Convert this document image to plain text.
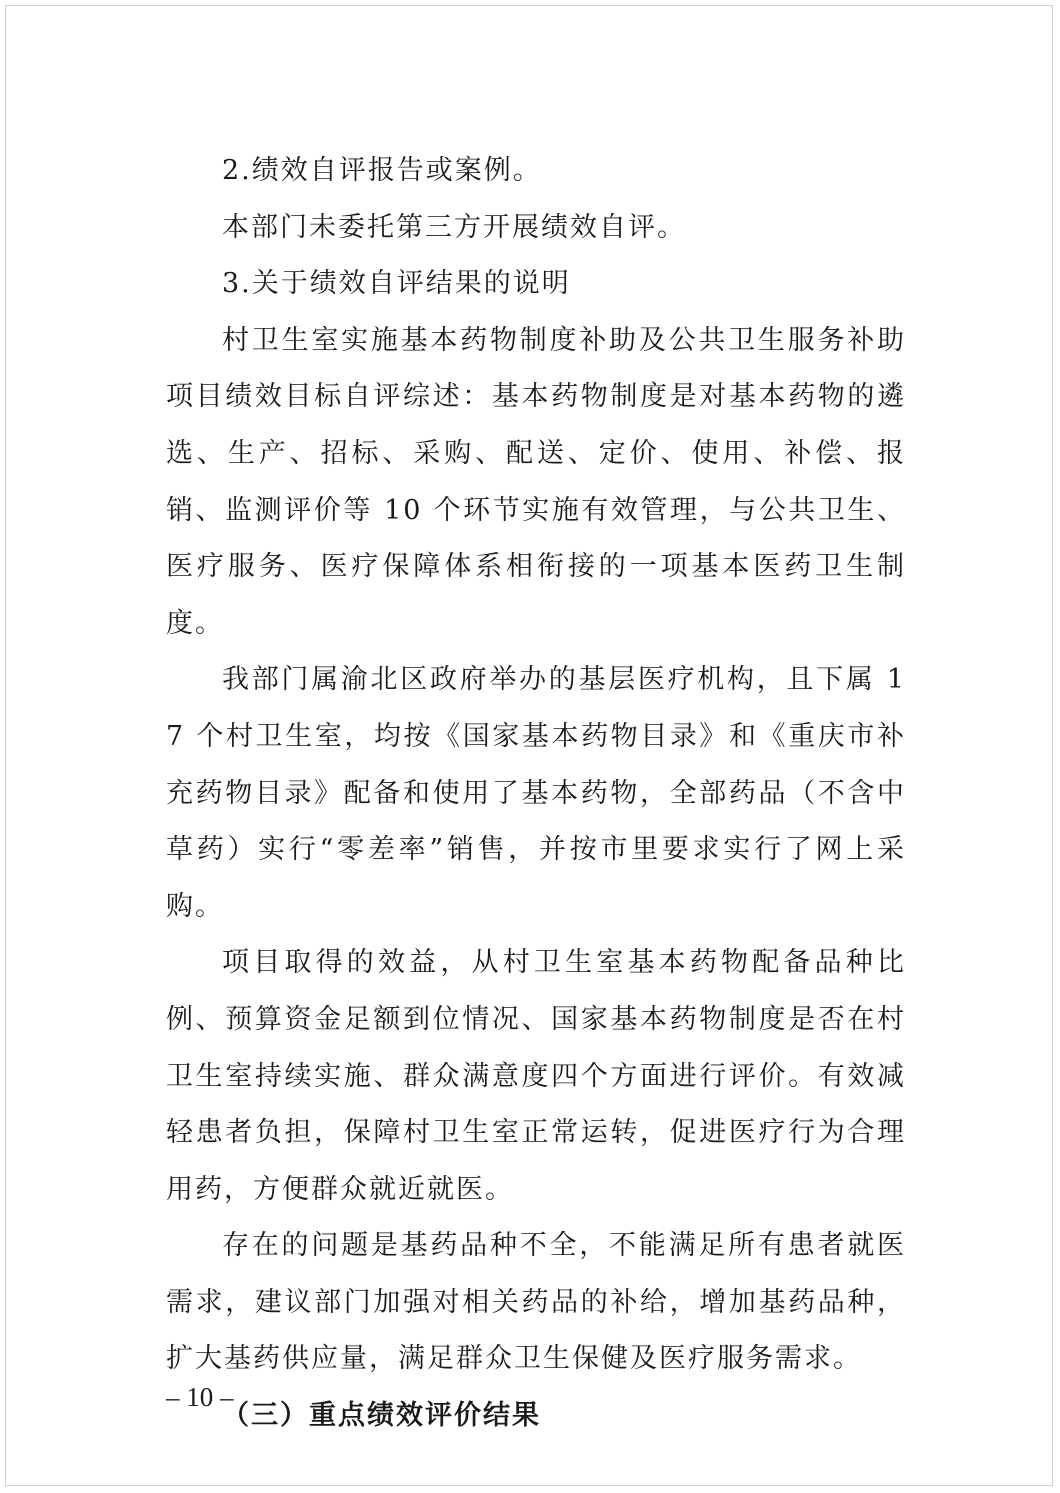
2.绩效自评报告或案例。

本部门未委托第三方开展绩效自评。

3.关于绩效自评结果的说明

村卫生室实施基本药物制度补助及公共卫生服务补助项目绩效目标自评综述：基本药物制度是对基本药物的遴选、生产、招标、采购、配送、定价、使用、补偿、报销、监测评价等 10 个环节实施有效管理，与公共卫生、医疗服务、医疗保障体系相衔接的一项基本医药卫生制度。

我部门属渝北区政府举办的基层医疗机构，且下属 17 个村卫生室，均按《国家基本药物目录》和《重庆市补充药物目录》配备和使用了基本药物，全部药品（不含中草药）实行“零差率”销售，并按市里要求实行了网上采购。

项目取得的效益，从村卫生室基本药物配备品种比例、预算资金足额到位情况、国家基本药物制度是否在村卫生室持续实施、群众满意度四个方面进行评价。有效减轻患者负担，保障村卫生室正常运转，促进医疗行为合理用药，方便群众就近就医。

存在的问题是基药品种不全，不能满足所有患者就医需求，建议部门加强对相关药品的补给，增加基药品种，扩大基药供应量，满足群众卫生保健及医疗服务需求。

（三）重点绩效评价结果

– 10 –
